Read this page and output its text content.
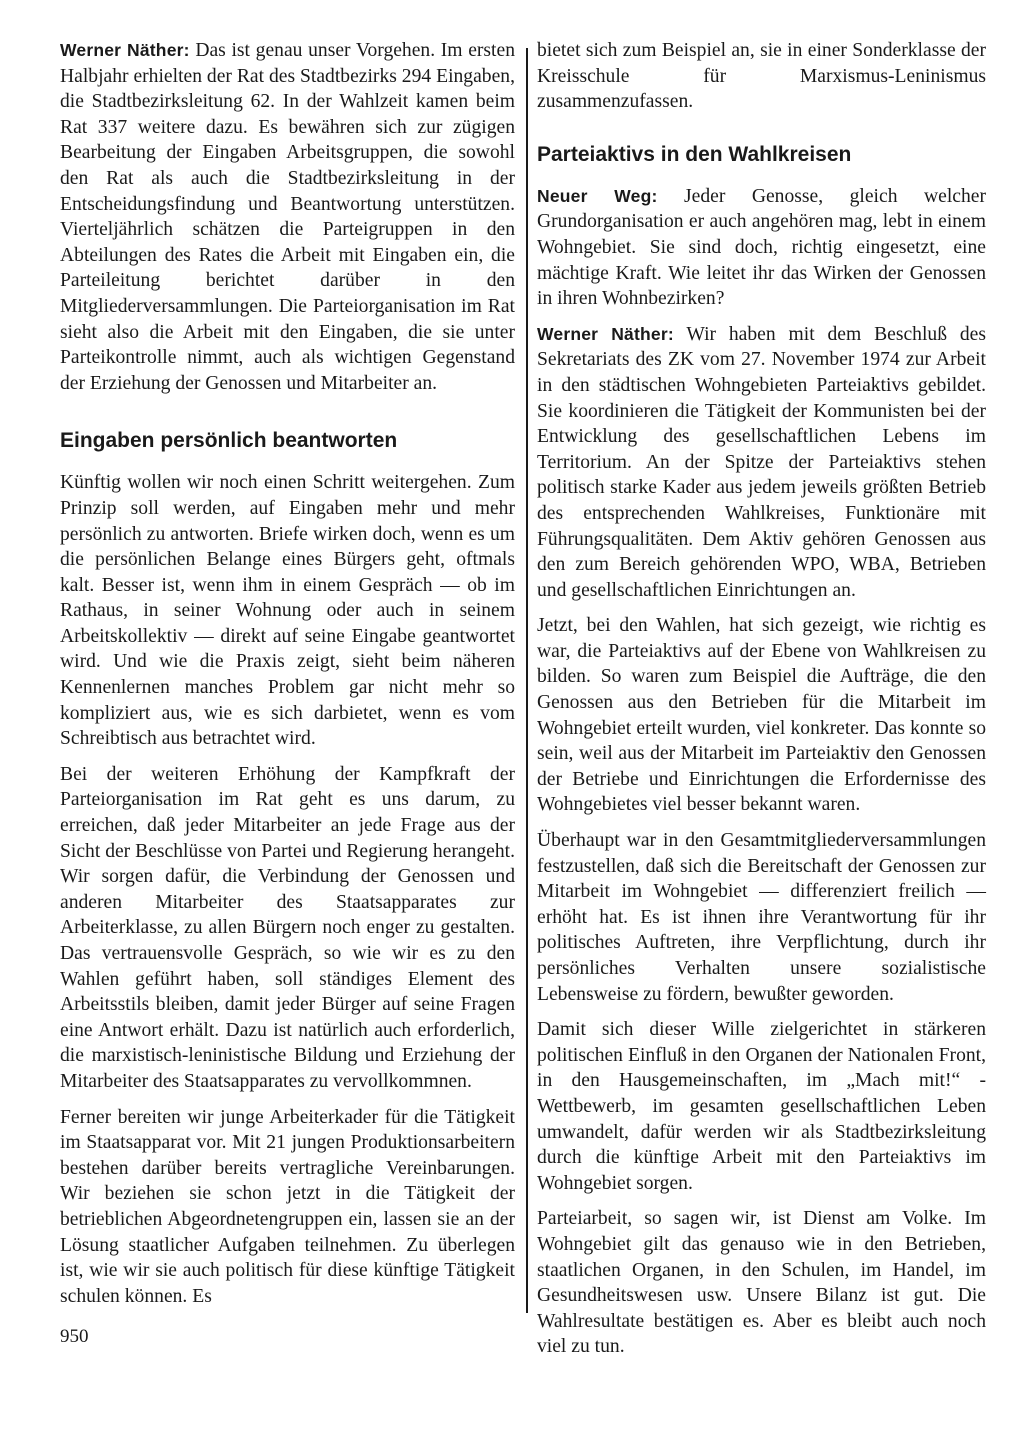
Werner Näther: Das ist genau unser Vorgehen. Im ersten Halbjahr erhielten der Rat des Stadtbezirks 294 Eingaben, die Stadtbezirksleitung 62. In der Wahlzeit kamen beim Rat 337 weitere dazu. Es bewähren sich zur zügigen Bearbeitung der Eingaben Arbeitsgruppen, die sowohl den Rat als auch die Stadtbezirksleitung in der Entscheidungsfindung und Beantwortung unterstützen. Vierteljährlich schätzen die Parteigruppen in den Abteilungen des Rates die Arbeit mit Eingaben ein, die Parteileitung berichtet darüber in den Mitgliederversammlungen. Die Parteiorganisation im Rat sieht also die Arbeit mit den Eingaben, die sie unter Parteikontrolle nimmt, auch als wichtigen Gegenstand der Erziehung der Genossen und Mitarbeiter an.

Eingaben persönlich beantworten

Künftig wollen wir noch einen Schritt weitergehen. Zum Prinzip soll werden, auf Eingaben mehr und mehr persönlich zu antworten. Briefe wirken doch, wenn es um die persönlichen Belange eines Bürgers geht, oftmals kalt. Besser ist, wenn ihm in einem Gespräch — ob im Rathaus, in seiner Wohnung oder auch in seinem Arbeitskollektiv — direkt auf seine Eingabe geantwortet wird. Und wie die Praxis zeigt, sieht beim näheren Kennenlernen manches Problem gar nicht mehr so kompliziert aus, wie es sich darbietet, wenn es vom Schreibtisch aus betrachtet wird.

Bei der weiteren Erhöhung der Kampfkraft der Parteiorganisation im Rat geht es uns darum, zu erreichen, daß jeder Mitarbeiter an jede Frage aus der Sicht der Beschlüsse von Partei und Regierung herangeht. Wir sorgen dafür, die Verbindung der Genossen und anderen Mitarbeiter des Staatsapparates zur Arbeiterklasse, zu allen Bürgern noch enger zu gestalten. Das vertrauensvolle Gespräch, so wie wir es zu den Wahlen geführt haben, soll ständiges Element des Arbeitsstils bleiben, damit jeder Bürger auf seine Fragen eine Antwort erhält. Dazu ist natürlich auch erforderlich, die marxistisch-leninistische Bildung und Erziehung der Mitarbeiter des Staatsapparates zu vervollkommnen.

Ferner bereiten wir junge Arbeiterkader für die Tätigkeit im Staatsapparat vor. Mit 21 jungen Produktionsarbeitern bestehen darüber bereits vertragliche Vereinbarungen. Wir beziehen sie schon jetzt in die Tätigkeit der betrieblichen Abgeordnetengruppen ein, lassen sie an der Lösung staatlicher Aufgaben teilnehmen. Zu überlegen ist, wie wir sie auch politisch für diese künftige Tätigkeit schulen können. Es

bietet sich zum Beispiel an, sie in einer Sonderklasse der Kreisschule für Marxismus-Leninismus zusammenzufassen.

Parteiaktivs in den Wahlkreisen

Neuer Weg: Jeder Genosse, gleich welcher Grundorganisation er auch angehören mag, lebt in einem Wohngebiet. Sie sind doch, richtig eingesetzt, eine mächtige Kraft. Wie leitet ihr das Wirken der Genossen in ihren Wohnbezirken?

Werner Näther: Wir haben mit dem Beschluß des Sekretariats des ZK vom 27. November 1974 zur Arbeit in den städtischen Wohngebieten Parteiaktivs gebildet. Sie koordinieren die Tätigkeit der Kommunisten bei der Entwicklung des gesellschaftlichen Lebens im Territorium. An der Spitze der Parteiaktivs stehen politisch starke Kader aus jedem jeweils größten Betrieb des entsprechenden Wahlkreises, Funktionäre mit Führungsqualitäten. Dem Aktiv gehören Genossen aus den zum Bereich gehörenden WPO, WBA, Betrieben und gesellschaftlichen Einrichtungen an.

Jetzt, bei den Wahlen, hat sich gezeigt, wie richtig es war, die Parteiaktivs auf der Ebene von Wahlkreisen zu bilden. So waren zum Beispiel die Aufträge, die den Genossen aus den Betrieben für die Mitarbeit im Wohngebiet erteilt wurden, viel konkreter. Das konnte so sein, weil aus der Mitarbeit im Parteiaktiv den Genossen der Betriebe und Einrichtungen die Erfordernisse des Wohngebietes viel besser bekannt waren.

Überhaupt war in den Gesamtmitgliederversammlungen festzustellen, daß sich die Bereitschaft der Genossen zur Mitarbeit im Wohngebiet — differenziert freilich — erhöht hat. Es ist ihnen ihre Verantwortung für ihr politisches Auftreten, ihre Verpflichtung, durch ihr persönliches Verhalten unsere sozialistische Lebensweise zu fördern, bewußter geworden.

Damit sich dieser Wille zielgerichtet in stärkeren politischen Einfluß in den Organen der Nationalen Front, in den Hausgemeinschaften, im „Mach mit!“ - Wettbewerb, im gesamten gesellschaftlichen Leben umwandelt, dafür werden wir als Stadtbezirksleitung durch die künftige Arbeit mit den Parteiaktivs im Wohngebiet sorgen.

Parteiarbeit, so sagen wir, ist Dienst am Volke. Im Wohngebiet gilt das genauso wie in den Betrieben, staatlichen Organen, in den Schulen, im Handel, im Gesundheitswesen usw. Unsere Bilanz ist gut. Die Wahlresultate bestätigen es. Aber es bleibt auch noch viel zu tun.

950
